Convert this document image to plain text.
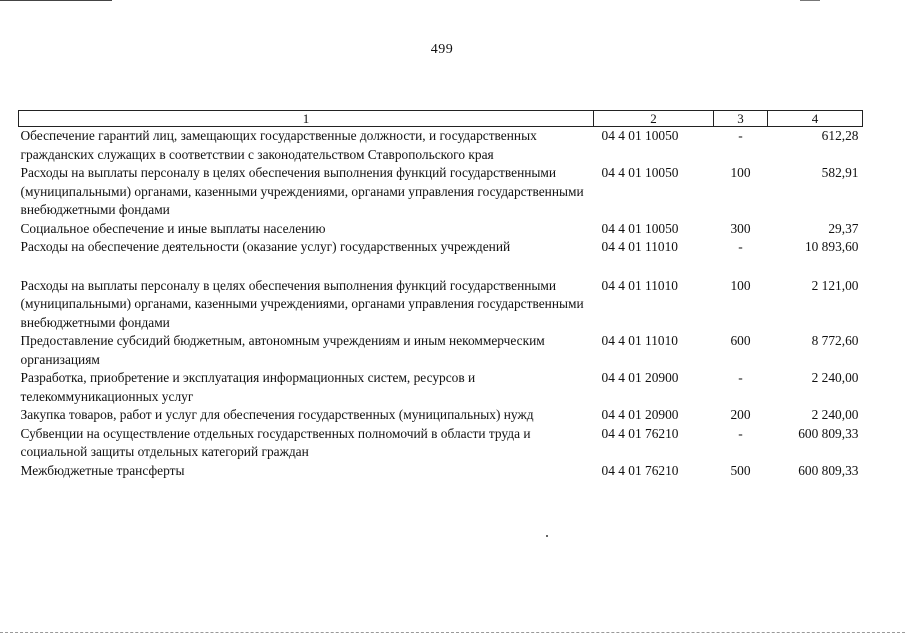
499
1	2	3	4
Обеспечение гарантий лиц, замещающих государственные должности, и государственных гражданских служащих в соответствии с законодательством Ставропольского края	04 4 01 10050	-	612,28
Расходы на выплаты персоналу в целях обеспечения выполнения функций государственными (муниципальными) органами, казенными учреждениями, органами управления государственными внебюджетными фондами	04 4 01 10050	100	582,91
Социальное обеспечение и иные выплаты населению	04 4 01 10050	300	29,37
Расходы на обеспечение деятельности (оказание услуг) государственных учреждений	04 4 01 11010	-	10 893,60
Расходы на выплаты персоналу в целях обеспечения выполнения функций государственными (муниципальными) органами, казенными учреждениями, органами управления государственными внебюджетными фондами	04 4 01 11010	100	2 121,00
Предоставление субсидий бюджетным, автономным учреждениям и иным некоммерческим организациям	04 4 01 11010	600	8 772,60
Разработка, приобретение и эксплуатация информационных систем, ресурсов и телекоммуникационных услуг	04 4 01 20900	-	2 240,00
Закупка товаров, работ и услуг для обеспечения государственных (муниципальных) нужд	04 4 01 20900	200	2 240,00
Субвенции на осуществление отдельных государственных полномочий в области труда и социальной защиты отдельных категорий граждан	04 4 01 76210	-	600 809,33
Межбюджетные трансферты	04 4 01 76210	500	600 809,33
